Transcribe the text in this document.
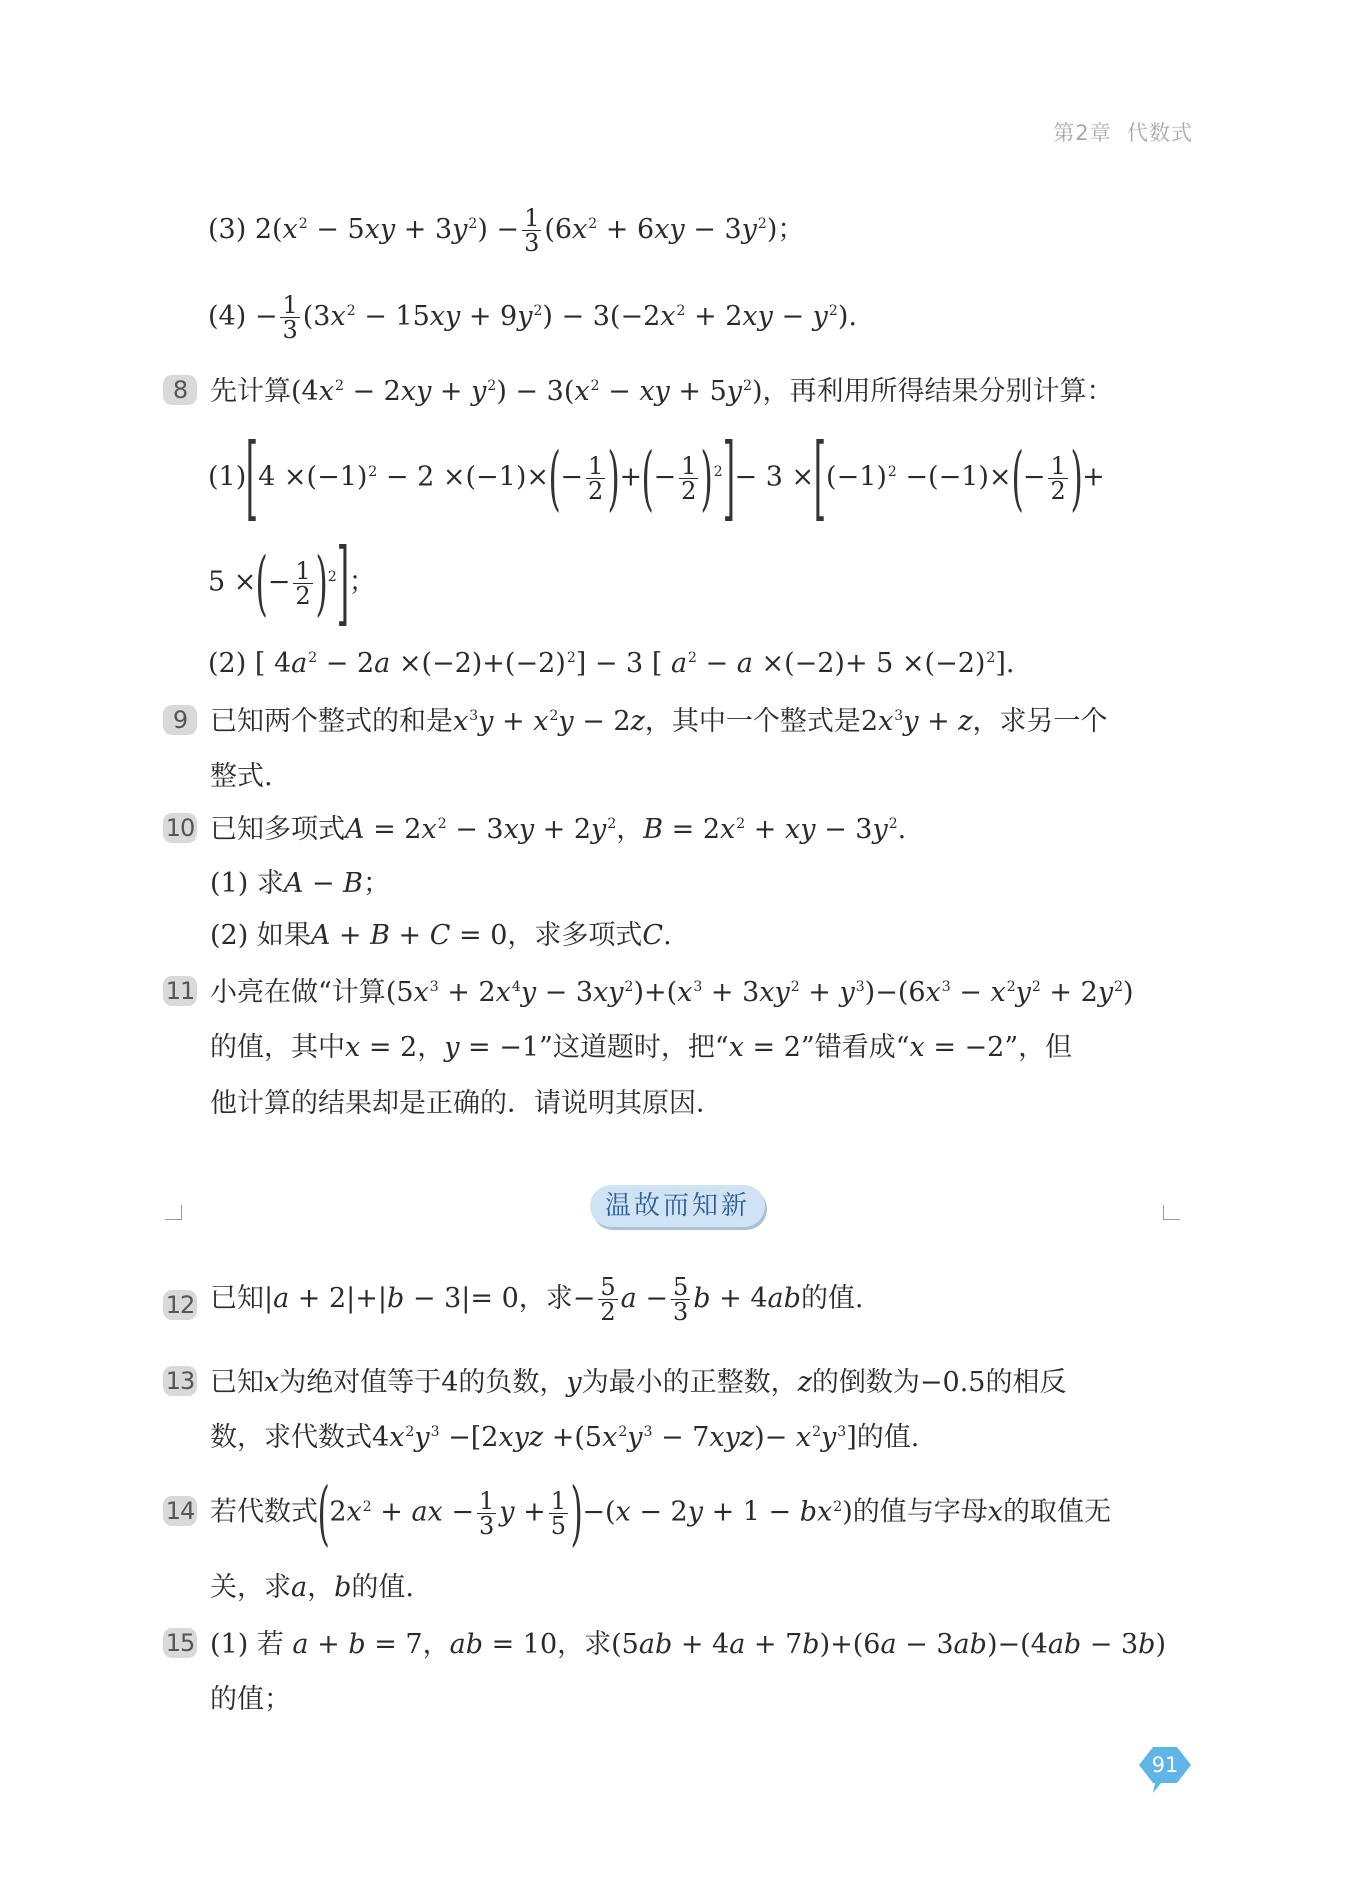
第2章 代数式
(3) $2(x^2 - 5xy + 3y^2) - \frac{1}{3} (6x^2 + 6xy - 3y^2)$；
$(4) - \frac{1}{3} (3x^2 - 15xy + 9y^2) - 3(-2x^2 + 2xy - y^2)$.
8 先计算$(4x^2 - 2xy + y^2) - 3(x^2$ − xy + $5y^2$)，再利用所得结果分别计算：
$(1)[4 \times(-1)^2 - 2 \times(-1)\times(- \frac{1}{2}$ )+(− $\frac{1}{2} )^2]- 3 \times[(-1)^2 -(-1)\times(- \frac{1}{2}$ )+
5 ×(− $\frac{1}{2} )^2$]；
(2) [ $4a^2 - 2a \times(-2)+(-2)^2] - 3$ [ $a^2 - a \times(-2)+ 5 \times(-2)^2$].
9 已知两个整式的和是$x^3y + x^2y - 2z$，其中一个整式是$2x^3y + z$，求另一个
整式.
10 已知多项式$A = 2x^2 - 3xy + 2y^2$，$B = 2x^2$ + xy − $3y^2$.
(1) 求A − B；
(2) 如果A + B + C = 0，求多项式C.
11 小亮在做“计算$(5x^3 + 2x^4y - 3xy^2)+(x^3 + 3xy^2 + y^3)-(6x^3 - x^2y^2 + 2y^2)$
的值，其中x = 2，y = −1”这道题时，把“x = 2”错看成“x = −2”，但
他计算的结果却是正确的．请说明其原因．
温故而知新
12 已知|a + 2|+|b − 3|= 0，求− $\frac{5}{2}$ $a - \frac{5}{3}$ b + 4ab的值.
13 已知x为绝对值等于4的负数，y为最小的正整数，z的倒数为−0.5的相反
数，求代数式$4x^2y^3 -[2xyz +(5x^2y^3 - 7xyz)- x^2y^3]$的值.
14 若代数式($2x^2$ + ax − $\frac{1}{3}$ $y + \frac{1}{5} )-(x - 2y + 1 - bx^2)$的值与字母x的取值无
关，求a，b的值.
15 (1) 若 a + b = 7，ab = 10，求(5ab + 4a + 7b)+(6a − 3ab)−(4ab − 3b)
的值；
91
